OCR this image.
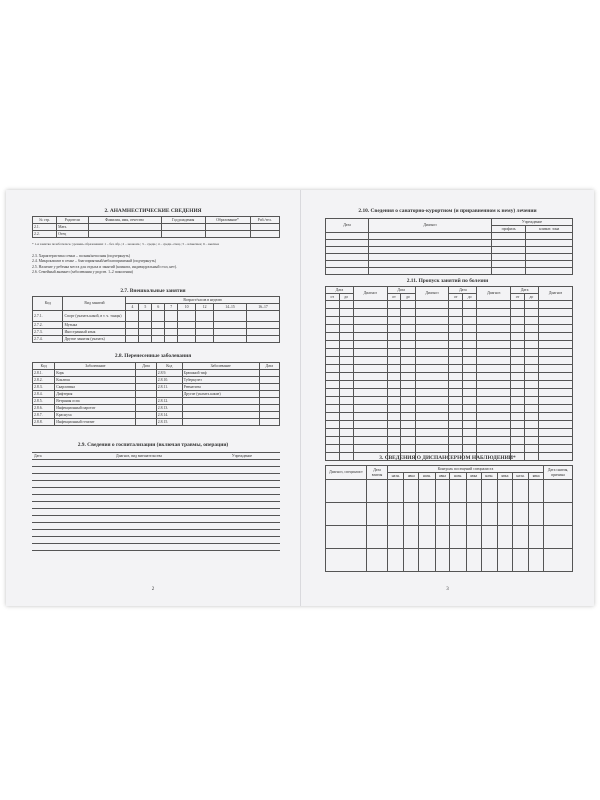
2. АНАМНЕСТИЧЕСКИЕ СВЕДЕНИЯ
№ стр.	Родители	Фамилия, имя, отчество	Год рождения	Образование*	Раб./тел.
2.1.	Мать				
2.2.	Отец				
* 1-я заметка позаботьтесь: уровень образования: 1 – без обр.; 2 – неоконч.; 3 – средн.; 4 – средн.-спец.; 5 – н/высшее; 6 – высшее
2.3. Характеристика семьи – полная/неполная (подчеркнуть)
2.4. Микроклимат в семье – благоприятный/неблагоприятный (подчеркнуть)
2.5. Наличие у ребенка места для отдыха и занятий (комната, индивидуальный стол, нет).
2.6. Семейный анамнез (заболевания у родств. 1–2 поколения)
2.7. Внешкольные занятия
Код	Вид занятий	Возраст/часов в неделю							
		4	5	6	7	10	12	14–15	16–17
2.7.1.	Спорт (указать какой, в т. ч. танцы)								
2.7.2.	Музыка								
2.7.3.	Иностранный язык								
2.7.4.	Другие занятия (указать)								
2.8. Перенесенные заболевания
Код	Заболевание	Дата	Код	Заболевание	Дата
2.8.1.	Корь		2.8.9.	Брюшной тиф	
2.8.2.	Коклюш		2.8.10.	Туберкулез	
2.8.3.	Скарлатина		2.8.11.	Ревматизм	
2.8.4.	Дифтерия			Другие (указать какие)	
2.8.5.	Ветряная оспа		2.8.12.		
2.8.6.	Инфекционный паротит		2.8.13.		
2.8.7.	Краснуха		2.8.14.		
2.8.8.	Инфекционный гепатит		2.8.15.		
2.9. Сведения о госпитализации (включая травмы, операции)
Дата	Диагноз, вид вмешательства	Учреждение
2
2.10. Сведения о санаторно-курортном (и приравненном к нему) лечении
Дата	Диагноз	Учреждение	
		профиль	климат. зона

2.11. Пропуск занятий по болезни
Дата		Диагноз	Дата		Диагноз	Дата		Диагноз	Дата		Диагноз
от	до		от	до		от	до		от	до	

3. СВЕДЕНИЯ О ДИСПАНСЕРНОМ НАБЛЮДЕНИИ*
Диагноз, специалист	Дата взятия	Контроль посещений специалиста										Дата снятия, причина
		назн.	явка	назн.	явка	назн.	явка	назн.	явка	назн.	явка	

3
